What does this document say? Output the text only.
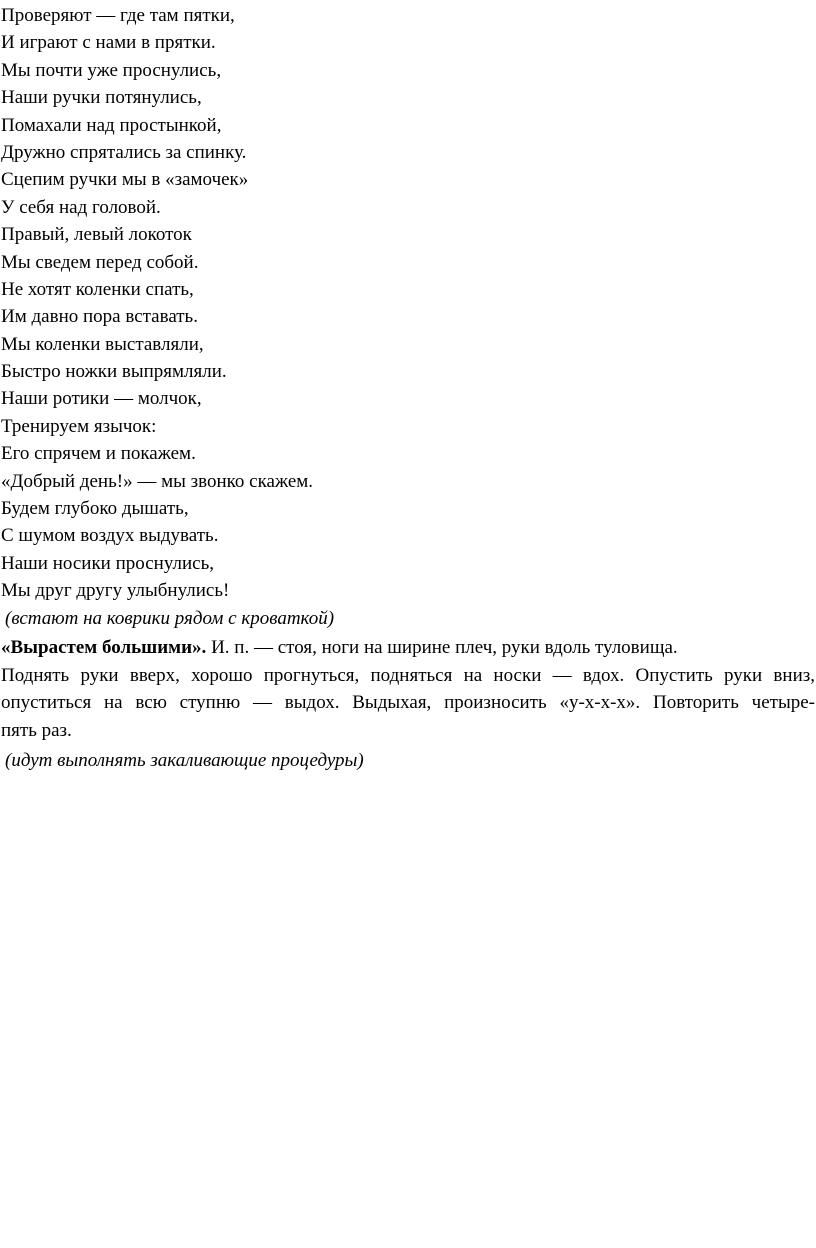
Проверяют — где там пятки,
И играют с нами в прятки.
Мы почти уже проснулись,
Наши ручки потянулись,
Помахали над простынкой,
Дружно спрятались за спинку.
Сцепим ручки мы в «замочек»
У себя над головой.
Правый, левый локоток
Мы сведем перед собой.
Не хотят коленки спать,
Им давно пора вставать.
Мы коленки выставляли,
Быстро ножки выпрямляли.
Наши ротики — молчок,
Тренируем язычок:
Его спрячем и покажем.
«Добрый день!» — мы звонко скажем.
Будем глубоко дышать,
С шумом воздух выдувать.
Наши носики проснулись,
Мы друг другу улыбнулись!
(встают на коврики рядом с кроваткой)

«Вырастем большими». И. п. — стоя, ноги на ширине плеч, руки вдоль туловища.
Поднять руки вверх, хорошо прогнуться, подняться на носки — вдох. Опустить руки вниз,
опуститься на всю ступню — выдох. Выдыхая, произносить «у-х-х-х». Повторить четыре-
пять раз.

(идут выполнять закаливающие процедуры)
